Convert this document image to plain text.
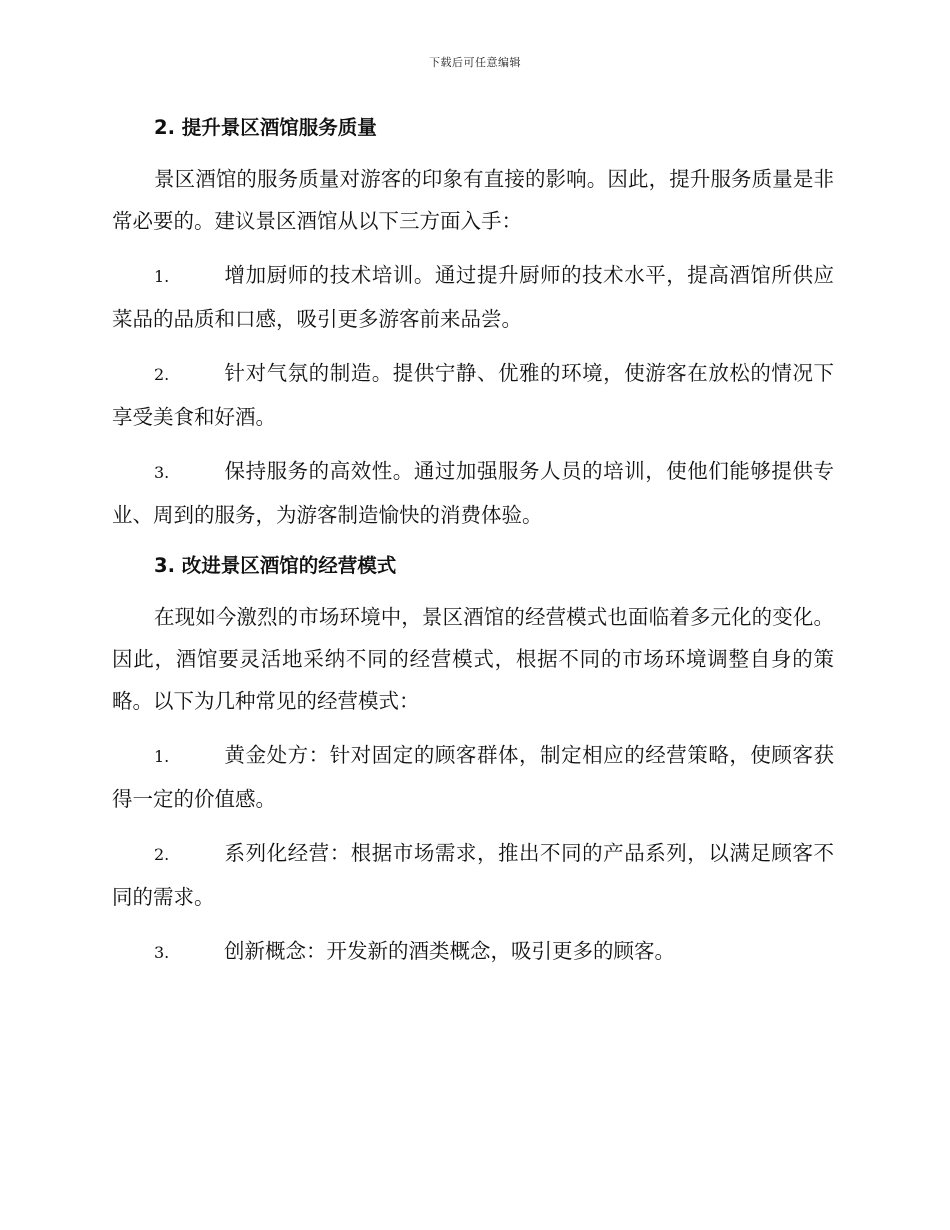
下载后可任意编辑
2. 提升景区酒馆服务质量

景区酒馆的服务质量对游客的印象有直接的影响。因此，提升服务质量是非常必要的。建议景区酒馆从以下三方面入手：

1.	增加厨师的技术培训。通过提升厨师的技术水平，提高酒馆所供应菜品的品质和口感，吸引更多游客前来品尝。
2.	针对气氛的制造。提供宁静、优雅的环境，使游客在放松的情况下享受美食和好酒。
3.	保持服务的高效性。通过加强服务人员的培训，使他们能够提供专业、周到的服务，为游客制造愉快的消费体验。
3. 改进景区酒馆的经营模式

在现如今激烈的市场环境中，景区酒馆的经营模式也面临着多元化的变化。因此，酒馆要灵活地采纳不同的经营模式，根据不同的市场环境调整自身的策略。以下为几种常见的经营模式：

1.	黄金处方：针对固定的顾客群体，制定相应的经营策略，使顾客获得一定的价值感。
2.	系列化经营：根据市场需求，推出不同的产品系列，以满足顾客不同的需求。
3.	创新概念：开发新的酒类概念，吸引更多的顾客。
